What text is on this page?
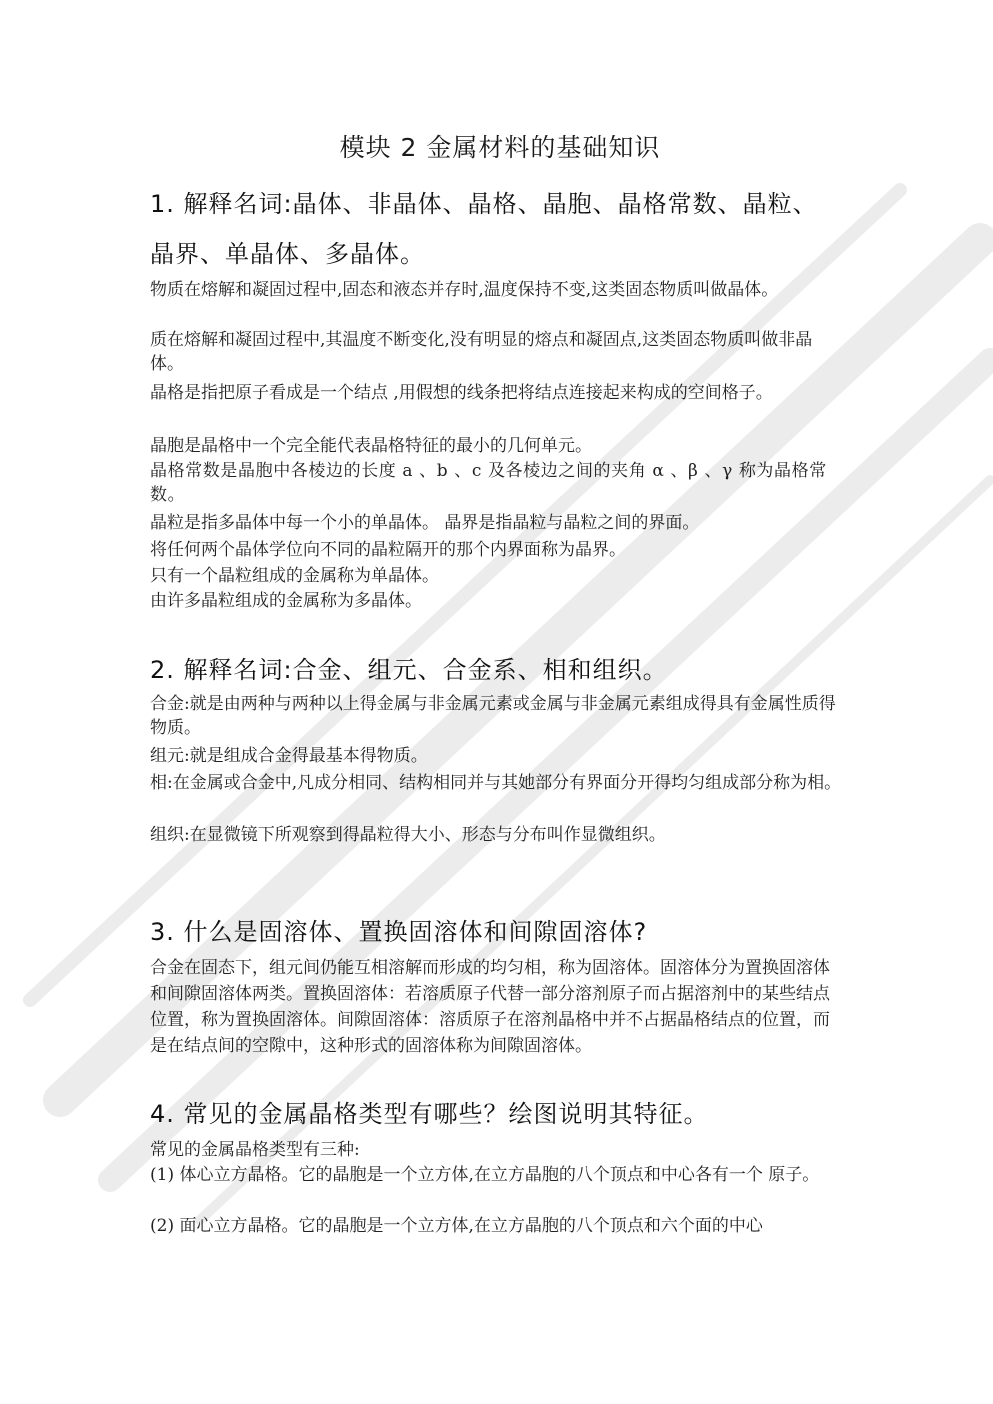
模块 2 金属材料的基础知识
1. 解释名词:晶体、非晶体、晶格、晶胞、晶格常数、晶粒、
晶界、单晶体、多晶体。

物质在熔解和凝固过程中,固态和液态并存时,温度保持不变,这类固态物质叫做晶体。

质在熔解和凝固过程中,其温度不断变化,没有明显的熔点和凝固点,这类固态物质叫做非晶体。

晶格是指把原子看成是一个结点 ,用假想的线条把将结点连接起来构成的空间格子。

晶胞是晶格中一个完全能代表晶格特征的最小的几何单元。

晶格常数是晶胞中各棱边的长度 a 、b 、c 及各棱边之间的夹角 α 、β 、γ 称为晶格常数。

晶粒是指多晶体中每一个小的单晶体。 晶界是指晶粒与晶粒之间的界面。

将任何两个晶体学位向不同的晶粒隔开的那个内界面称为晶界。

只有一个晶粒组成的金属称为单晶体。

由许多晶粒组成的金属称为多晶体。

2. 解释名词:合金、组元、合金系、相和组织。

合金:就是由两种与两种以上得金属与非金属元素或金属与非金属元素组成得具有金属性质得物质。

组元:就是组成合金得最基本得物质。

相:在金属或合金中,凡成分相同、结构相同并与其她部分有界面分开得均匀组成部分称为相。

组织:在显微镜下所观察到得晶粒得大小、形态与分布叫作显微组织。

3. 什么是固溶体、置换固溶体和间隙固溶体?

合金在固态下，组元间仍能互相溶解而形成的均匀相，称为固溶体。固溶体分为置换固溶体和间隙固溶体两类。置换固溶体：若溶质原子代替一部分溶剂原子而占据溶剂中的某些结点位置，称为置换固溶体。间隙固溶体：溶质原子在溶剂晶格中并不占据晶格结点的位置，而是在结点间的空隙中，这种形式的固溶体称为间隙固溶体。

4. 常见的金属晶格类型有哪些？绘图说明其特征。

常见的金属晶格类型有三种:

(1) 体心立方晶格。它的晶胞是一个立方体,在立方晶胞的八个顶点和中心各有一个 原子。

(2) 面心立方晶格。它的晶胞是一个立方体,在立方晶胞的八个顶点和六个面的中心
